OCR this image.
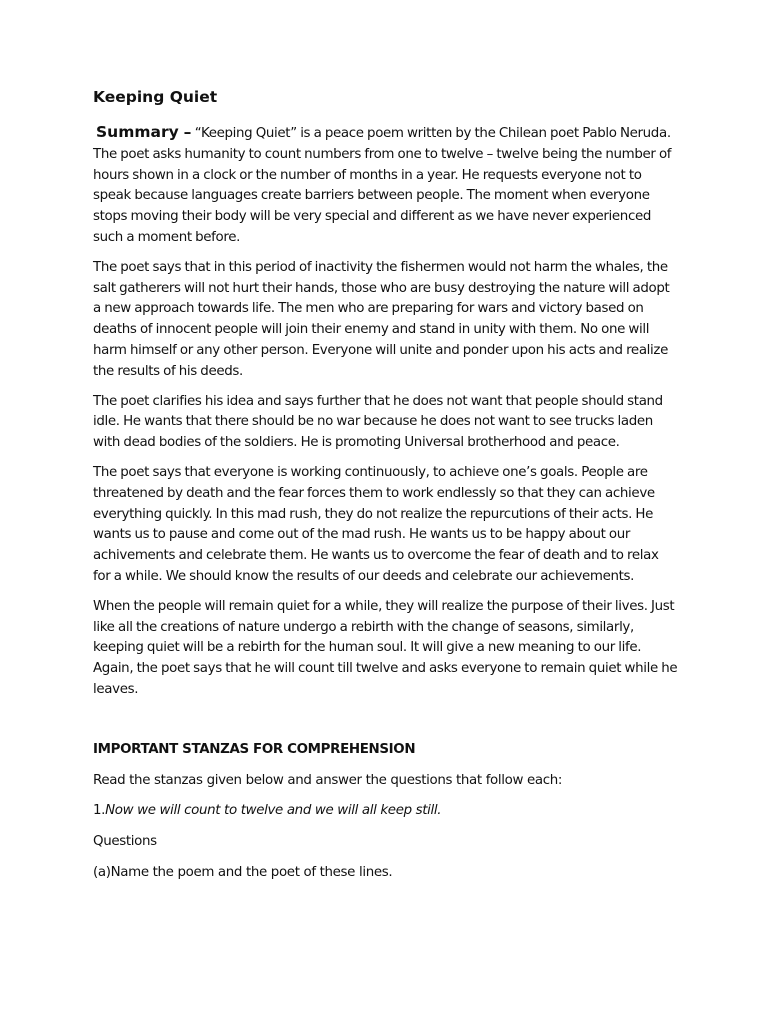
Keeping Quiet

Summary – “Keeping Quiet” is a peace poem written by the Chilean poet Pablo Neruda. The poet asks humanity to count numbers from one to twelve – twelve being the number of hours shown in a clock or the number of months in a year. He requests everyone not to speak because languages create barriers between people. The moment when everyone stops moving their body will be very special and different as we have never experienced such a moment before.

The poet says that in this period of inactivity the fishermen would not harm the whales, the salt gatherers will not hurt their hands, those who are busy destroying the nature will adopt a new approach towards life. The men who are preparing for wars and victory based on deaths of innocent people will join their enemy and stand in unity with them. No one will harm himself or any other person. Everyone will unite and ponder upon his acts and realize the results of his deeds.

The poet clarifies his idea and says further that he does not want that people should stand idle. He wants that there should be no war because he does not want to see trucks laden with dead bodies of the soldiers. He is promoting Universal brotherhood and peace.

The poet says that everyone is working continuously, to achieve one’s goals. People are threatened by death and the fear forces them to work endlessly so that they can achieve everything quickly. In this mad rush, they do not realize the repurcutions of their acts. He wants us to pause and come out of the mad rush. He wants us to be happy about our achivements and celebrate them. He wants us to overcome the fear of death and to relax for a while. We should know the results of our deeds and celebrate our achievements.

When the people will remain quiet for a while, they will realize the purpose of their lives. Just like all the creations of nature undergo a rebirth with the change of seasons, similarly, keeping quiet will be a rebirth for the human soul. It will give a new meaning to our life. Again, the poet says that he will count till twelve and asks everyone to remain quiet while he leaves.

IMPORTANT STANZAS FOR COMPREHENSION
Read the stanzas given below and answer the questions that follow each:
1.Now we will count to twelve and we will all keep still.
Questions
(a)Name the poem and the poet of these lines.
